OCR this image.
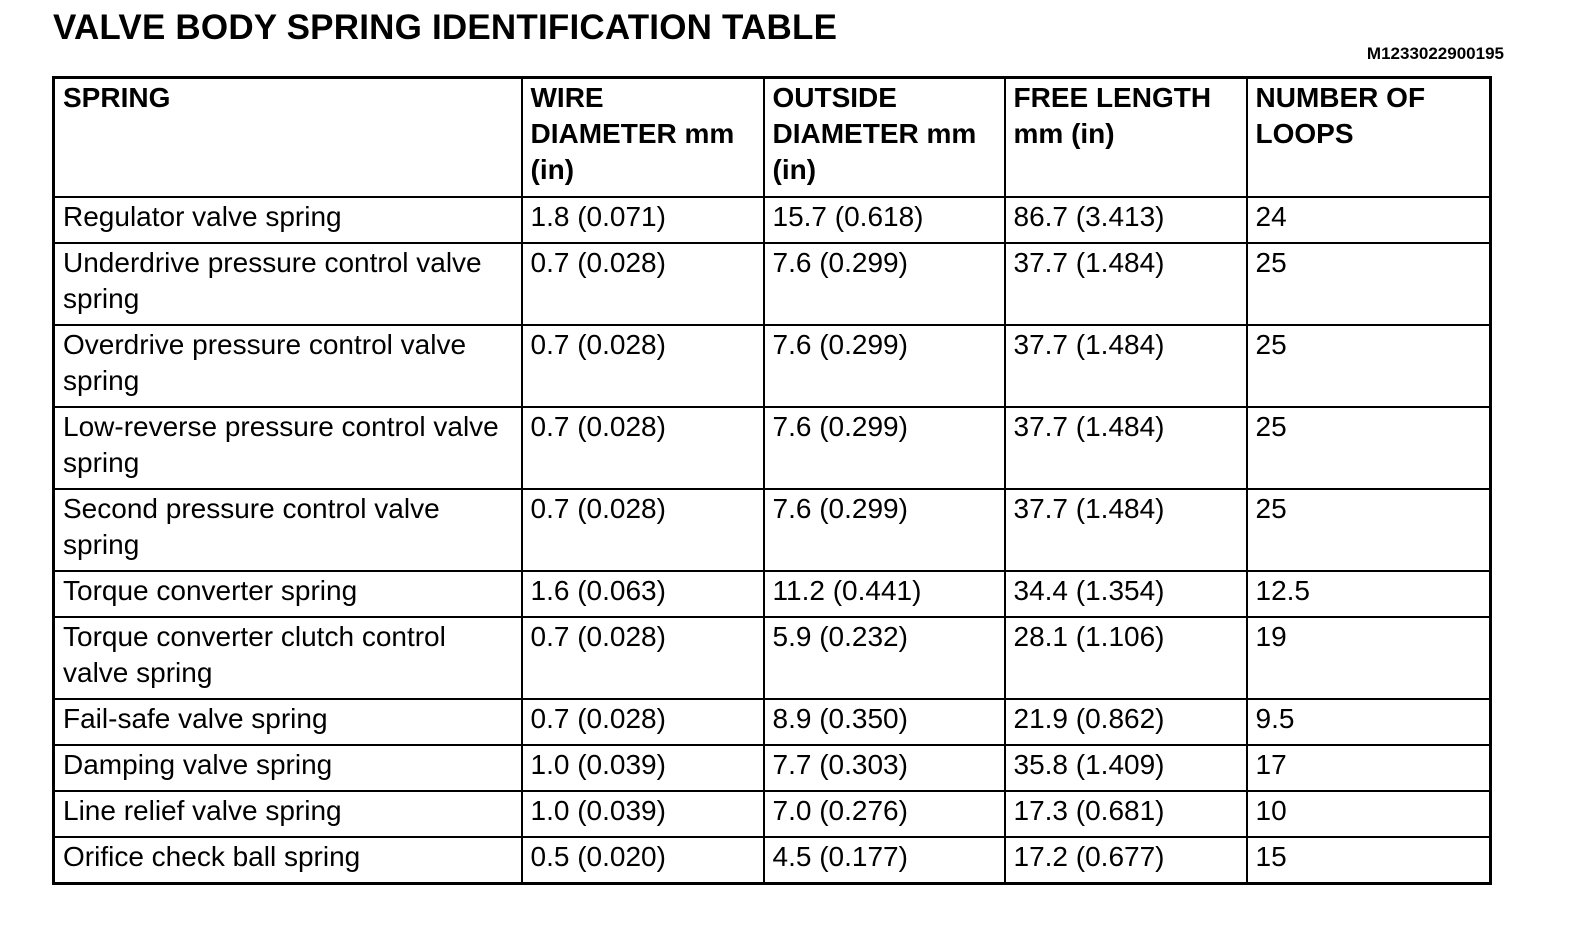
VALVE BODY SPRING IDENTIFICATION TABLE
M1233022900195
SPRING	WIRE DIAMETER mm (in)	OUTSIDE DIAMETER mm (in)	FREE LENGTH mm (in)	NUMBER OF LOOPS
Regulator valve spring	1.8 (0.071)	15.7 (0.618)	86.7 (3.413)	24
Underdrive pressure control valve spring	0.7 (0.028)	7.6 (0.299)	37.7 (1.484)	25
Overdrive pressure control valve spring	0.7 (0.028)	7.6 (0.299)	37.7 (1.484)	25
Low-reverse pressure control valve spring	0.7 (0.028)	7.6 (0.299)	37.7 (1.484)	25
Second pressure control valve spring	0.7 (0.028)	7.6 (0.299)	37.7 (1.484)	25
Torque converter spring	1.6 (0.063)	11.2 (0.441)	34.4 (1.354)	12.5
Torque converter clutch control valve spring	0.7 (0.028)	5.9 (0.232)	28.1 (1.106)	19
Fail-safe valve spring	0.7 (0.028)	8.9 (0.350)	21.9 (0.862)	9.5
Damping valve spring	1.0 (0.039)	7.7 (0.303)	35.8 (1.409)	17
Line relief valve spring	1.0 (0.039)	7.0 (0.276)	17.3 (0.681)	10
Orifice check ball spring	0.5 (0.020)	4.5 (0.177)	17.2 (0.677)	15
